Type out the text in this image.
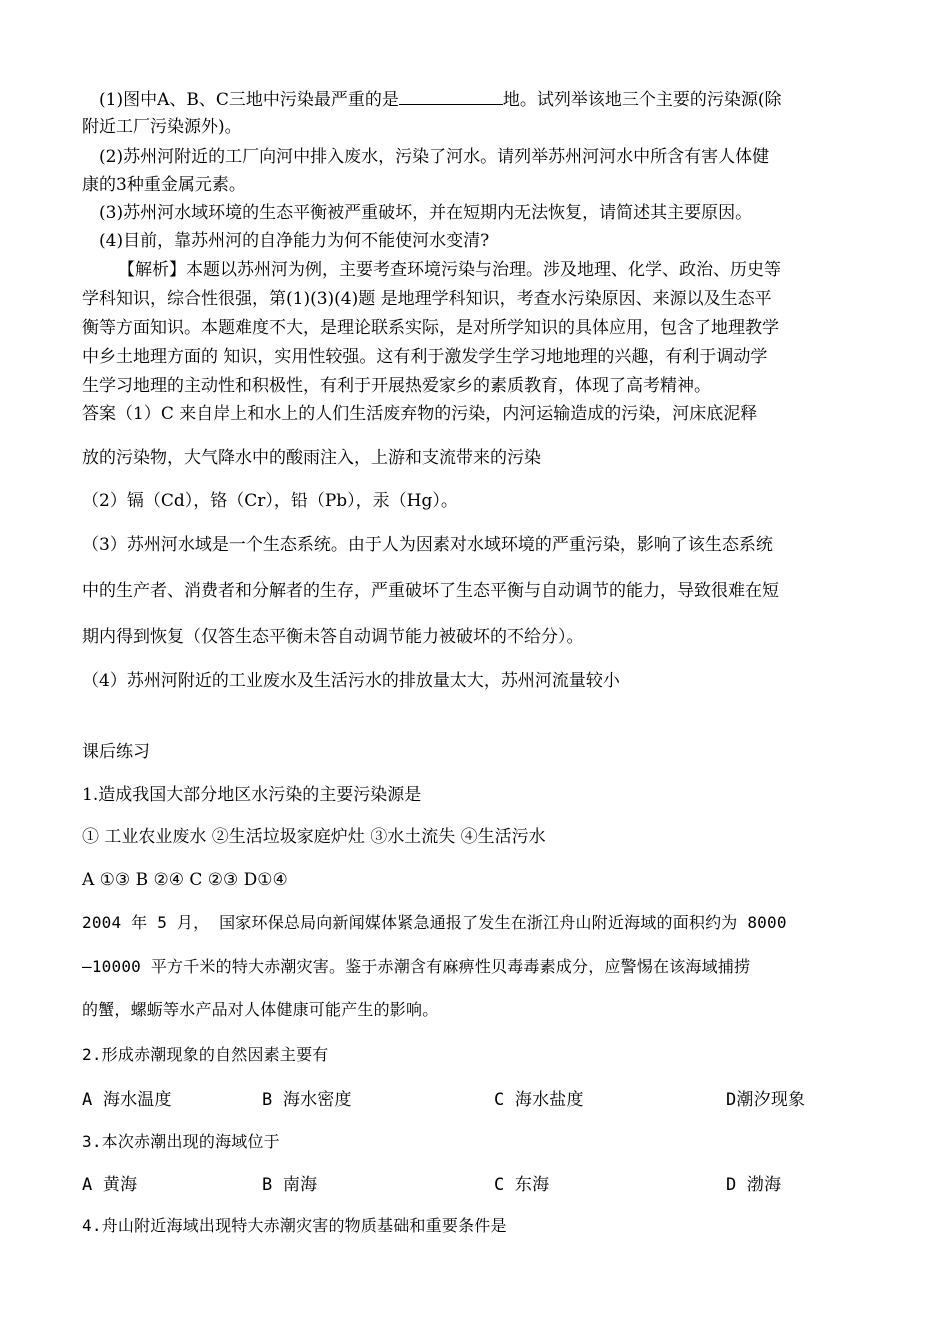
(1)图中A、B、C三地中污染最严重的是	地。试列举该地三个主要的污染源(除
附近工厂污染源外)。
(2)苏州河附近的工厂向河中排入废水，污染了河水。请列举苏州河河水中所含有害人体健
康的3种重金属元素。
(3)苏州河水域环境的生态平衡被严重破坏，并在短期内无法恢复，请简述其主要原因。
(4)目前，靠苏州河的自净能力为何不能使河水变清?
【解析】本题以苏州河为例，主要考查环境污染与治理。涉及地理、化学、政治、历史等
学科知识，综合性很强，第(1)(3)(4)题 是地理学科知识，考查水污染原因、来源以及生态平
衡等方面知识。本题难度不大，是理论联系实际，是对所学知识的具体应用，包含了地理教学
中乡土地理方面的 知识，实用性较强。这有利于激发学生学习地地理的兴趣，有利于调动学
生学习地理的主动性和积极性，有利于开展热爱家乡的素质教育，体现了高考精神。
答案（1）C 来自岸上和水上的人们生活废弃物的污染，内河运输造成的污染，河床底泥释
放的污染物，大气降水中的酸雨注入，上游和支流带来的污染
（2）镉（Cd），铬（Cr），铅（Pb），汞（Hg）。
（3）苏州河水域是一个生态系统。由于人为因素对水域环境的严重污染，影响了该生态系统
中的生产者、消费者和分解者的生存，严重破坏了生态平衡与自动调节的能力，导致很难在短
期内得到恢复（仅答生态平衡未答自动调节能力被破坏的不给分）。
（4）苏州河附近的工业废水及生活污水的排放量太大，苏州河流量较小
课后练习
1.造成我国大部分地区水污染的主要污染源是
① 工业农业废水 ②生活垃圾家庭炉灶 ③水土流失 ④生活污水
A ①③ B ②④ C ②③ D①④
2004 年 5 月， 国家环保总局向新闻媒体紧急通报了发生在浙江舟山附近海域的面积约为 8000
—10000 平方千米的特大赤潮灾害。鉴于赤潮含有麻痹性贝毒毒素成分，应警惕在该海域捕捞
的蟹，螺蛎等水产品对人体健康可能产生的影响。
2.形成赤潮现象的自然因素主要有
A 海水温度	B 海水密度	C 海水盐度	D潮汐现象
3.本次赤潮出现的海域位于
A 黄海	B 南海	C 东海	D 渤海
4.舟山附近海域出现特大赤潮灾害的物质基础和重要条件是
